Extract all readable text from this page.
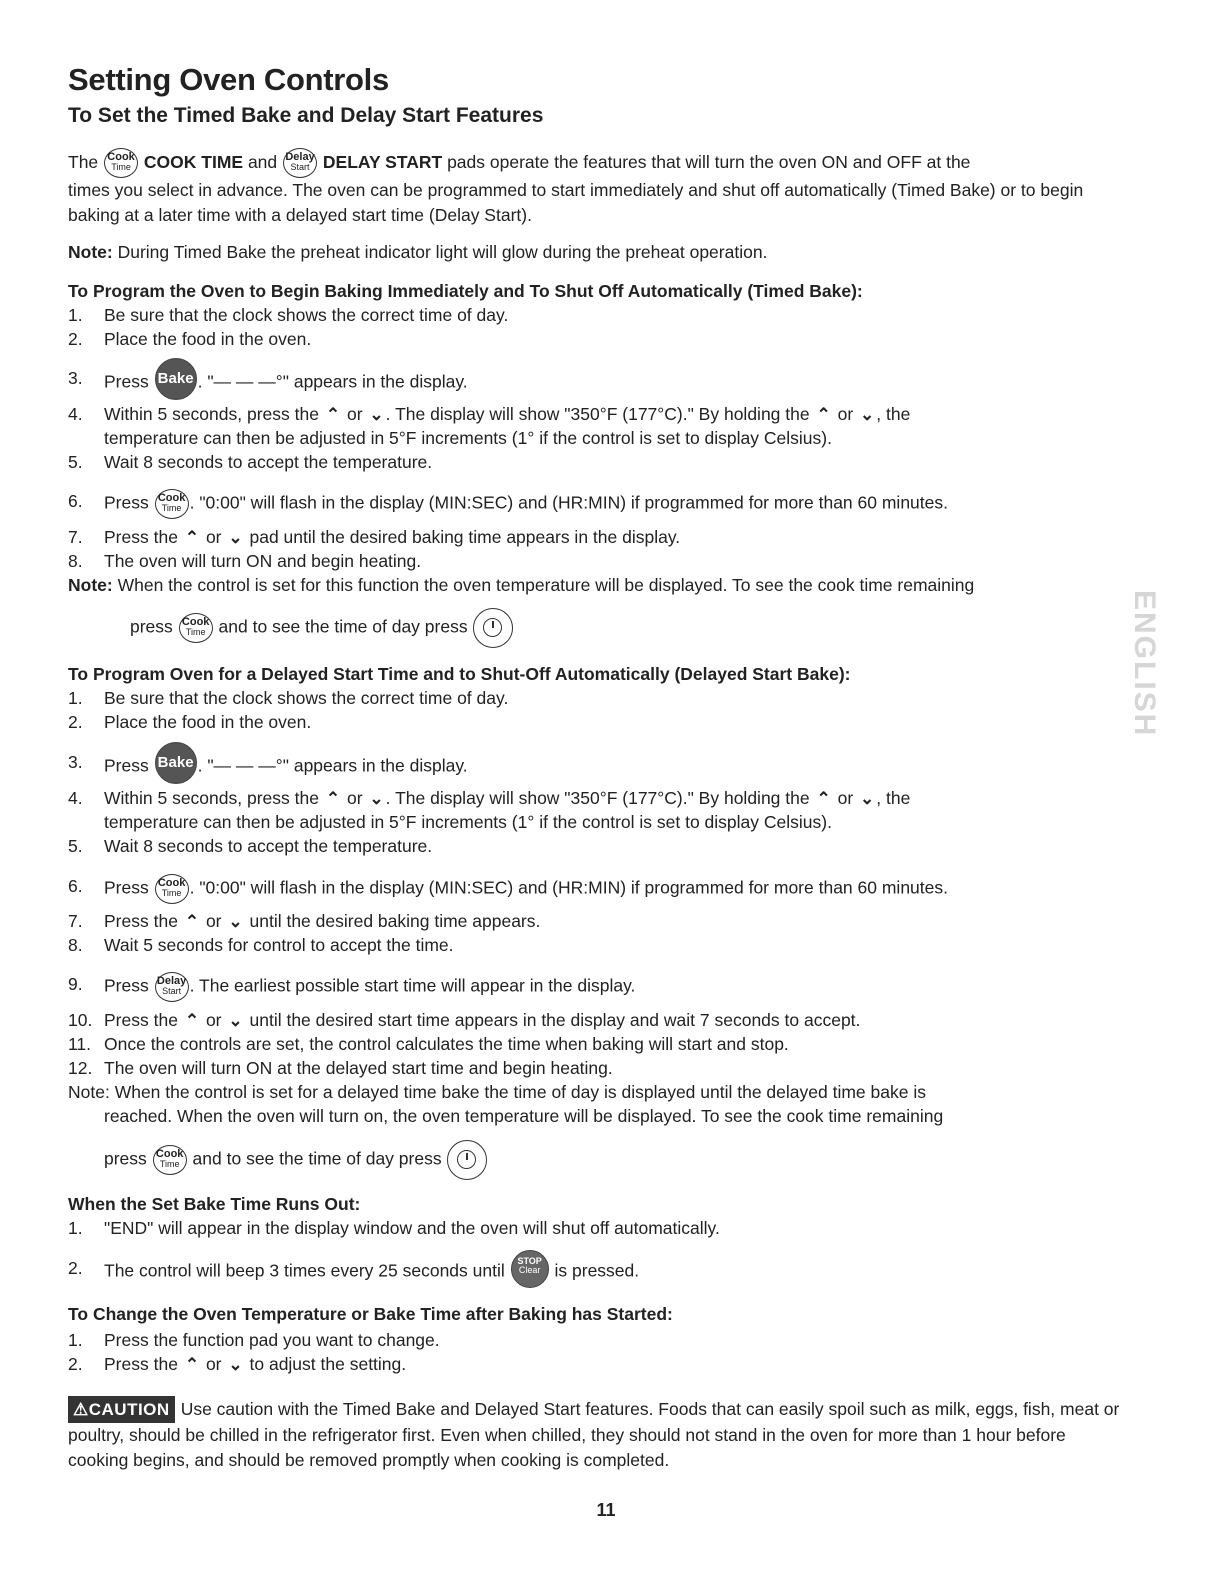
Setting Oven Controls
To Set the Timed Bake and Delay Start Features
The Cook
Time COOK TIME and Delay
Start DELAY START pads operate the features that will turn the oven ON and OFF at the
times you select in advance. The oven can be programmed to start immediately and shut off automatically (Timed Bake) or to begin baking at a later time with a delayed start time (Delay Start).
Note: During Timed Bake the preheat indicator light will glow during the preheat operation.
To Program the Oven to Begin Baking Immediately and To Shut Off Automatically (Timed Bake):
1.	Be sure that the clock shows the correct time of day.
2.	Place the food in the oven.
3.	Press Bake . "— — —°" appears in the display.
4.	Within 5 seconds, press the ⌃ or ⌄ . The display will show "350°F (177°C)." By holding the ⌃ or ⌄ , the
temperature can then be adjusted in 5°F increments (1° if the control is set to display Celsius).
5.	Wait 8 seconds to accept the temperature.
6.	Press Cook
Time . "0:00" will flash in the display (MIN:SEC) and (HR:MIN) if programmed for more than 60 minutes.
7.	Press the ⌃ or ⌄ pad until the desired baking time appears in the display.
8.	The oven will turn ON and begin heating.
Note: When the control is set for this function the oven temperature will be displayed. To see the cook time remaining
press Cook
Time and to see the time of day press
To Program Oven for a Delayed Start Time and to Shut-Off Automatically (Delayed Start Bake):
1.	Be sure that the clock shows the correct time of day.
2.	Place the food in the oven.
3.	Press Bake . "— — —°" appears in the display.
4.	Within 5 seconds, press the ⌃ or ⌄ . The display will show "350°F (177°C)." By holding the ⌃ or ⌄ , the
temperature can then be adjusted in 5°F increments (1° if the control is set to display Celsius).
5.	Wait 8 seconds to accept the temperature.
6.	Press Cook
Time . "0:00" will flash in the display (MIN:SEC) and (HR:MIN) if programmed for more than 60 minutes.
7.	Press the ⌃ or ⌄ until the desired baking time appears.
8.	Wait 5 seconds for control to accept the time.
9.	Press Delay
Start . The earliest possible start time will appear in the display.
10. Press the ⌃ or ⌄ until the desired start time appears in the display and wait 7 seconds to accept.
11. Once the controls are set, the control calculates the time when baking will start and stop.
12. The oven will turn ON at the delayed start time and begin heating.
Note: When the control is set for a delayed time bake the time of day is displayed until the delayed time bake is
reached. When the oven will turn on, the oven temperature will be displayed. To see the cook time remaining
press Cook
Time and to see the time of day press
When the Set Bake Time Runs Out:
1.	"END" will appear in the display window and the oven will shut off automatically.
2.	The control will beep 3 times every 25 seconds until	STOP
Clear is pressed.
To Change the Oven Temperature or Bake Time after Baking has Started:
1.	Press the function pad you want to change.
2.	Press the ⌃ or ⌄ to adjust the setting.
⚠CAUTION Use caution with the Timed Bake and Delayed Start features. Foods that can easily spoil such as milk, eggs, fish, meat or poultry, should be chilled in the refrigerator first. Even when chilled, they should not stand in the oven for more than 1 hour before cooking begins, and should be removed promptly when cooking is completed.
11
ENGLISH
